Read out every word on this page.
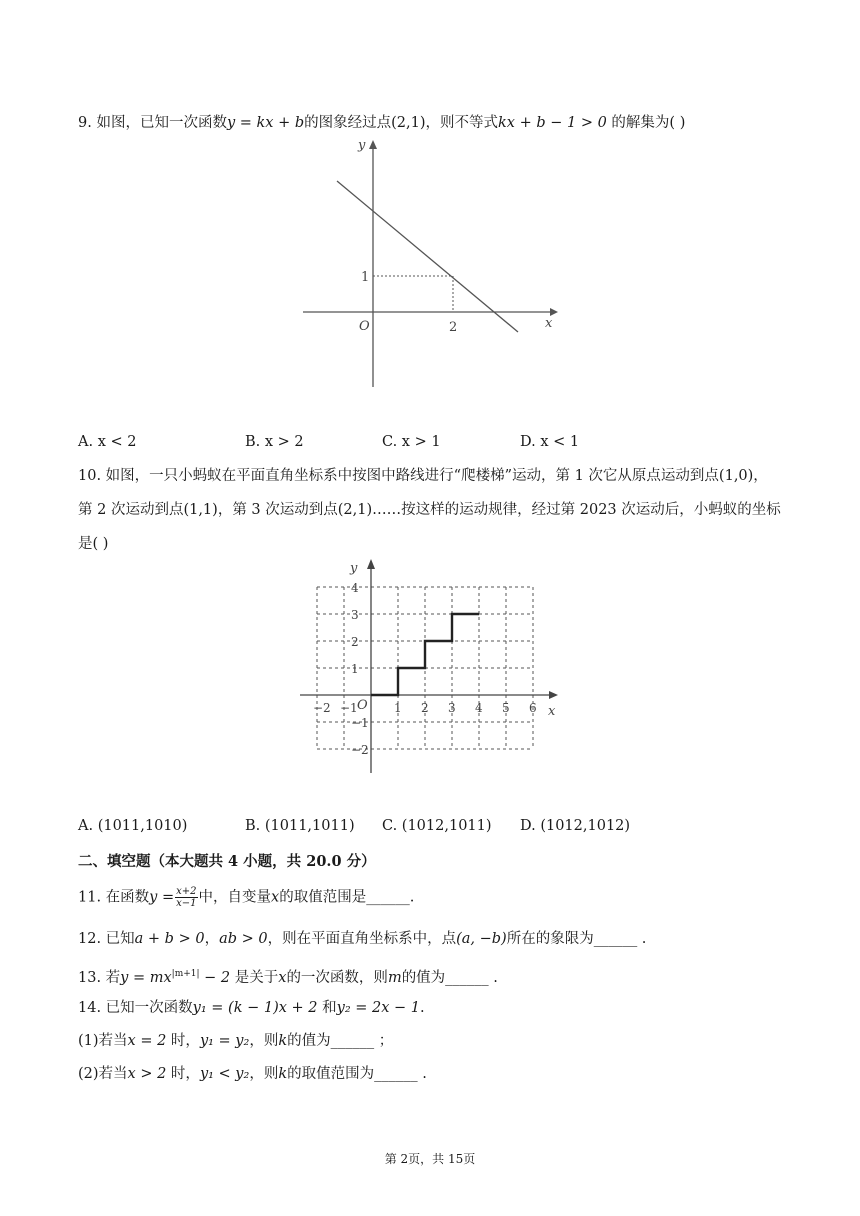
9. 如图，已知一次函数y = kx + b的图象经过点(2,1)，则不等式kx + b − 1 > 0 的解集为( )
y
x
O
1
2
A. x < 2	B. x > 2	C. x > 1	D. x < 1
10. 如图，一只小蚂蚁在平面直角坐标系中按图中路线进行“爬楼梯”运动，第 1 次它从原点运动到点(1,0)，
第 2 次运动到点(1,1)，第 3 次运动到点(2,1)……按这样的运动规律，经过第 2023 次运动后，小蚂蚁的坐标
是( )
y
x
O
−2 −1	1 2 3 4 5 6
4
3
2
1
−1
−2
A. (1011,1010)	B. (1011,1011) C. (1012,1011) D. (1012,1012)
二、填空题（本大题共 4 小题，共 20.0 分）
11. 在函数$y = \frac{x+2}{x-1}$ 中，自变量x的取值范围是______.
12. 已知a + b > 0，ab > 0，则在平面直角坐标系中，点(a, −b)所在的象限为______ .
13. 若$y = mx^{|m+1|} - 2$ 是关于x的一次函数，则m的值为______ .
14. 已知一次函数y₁ = (k − 1)x + 2 和y₂ = 2x − 1.
(1)若当x = 2 时，y₁ = y₂，则k的值为______ ；
(2)若当x > 2 时，y₁ < y₂，则k的取值范围为______ .
第 2页，共 15页
